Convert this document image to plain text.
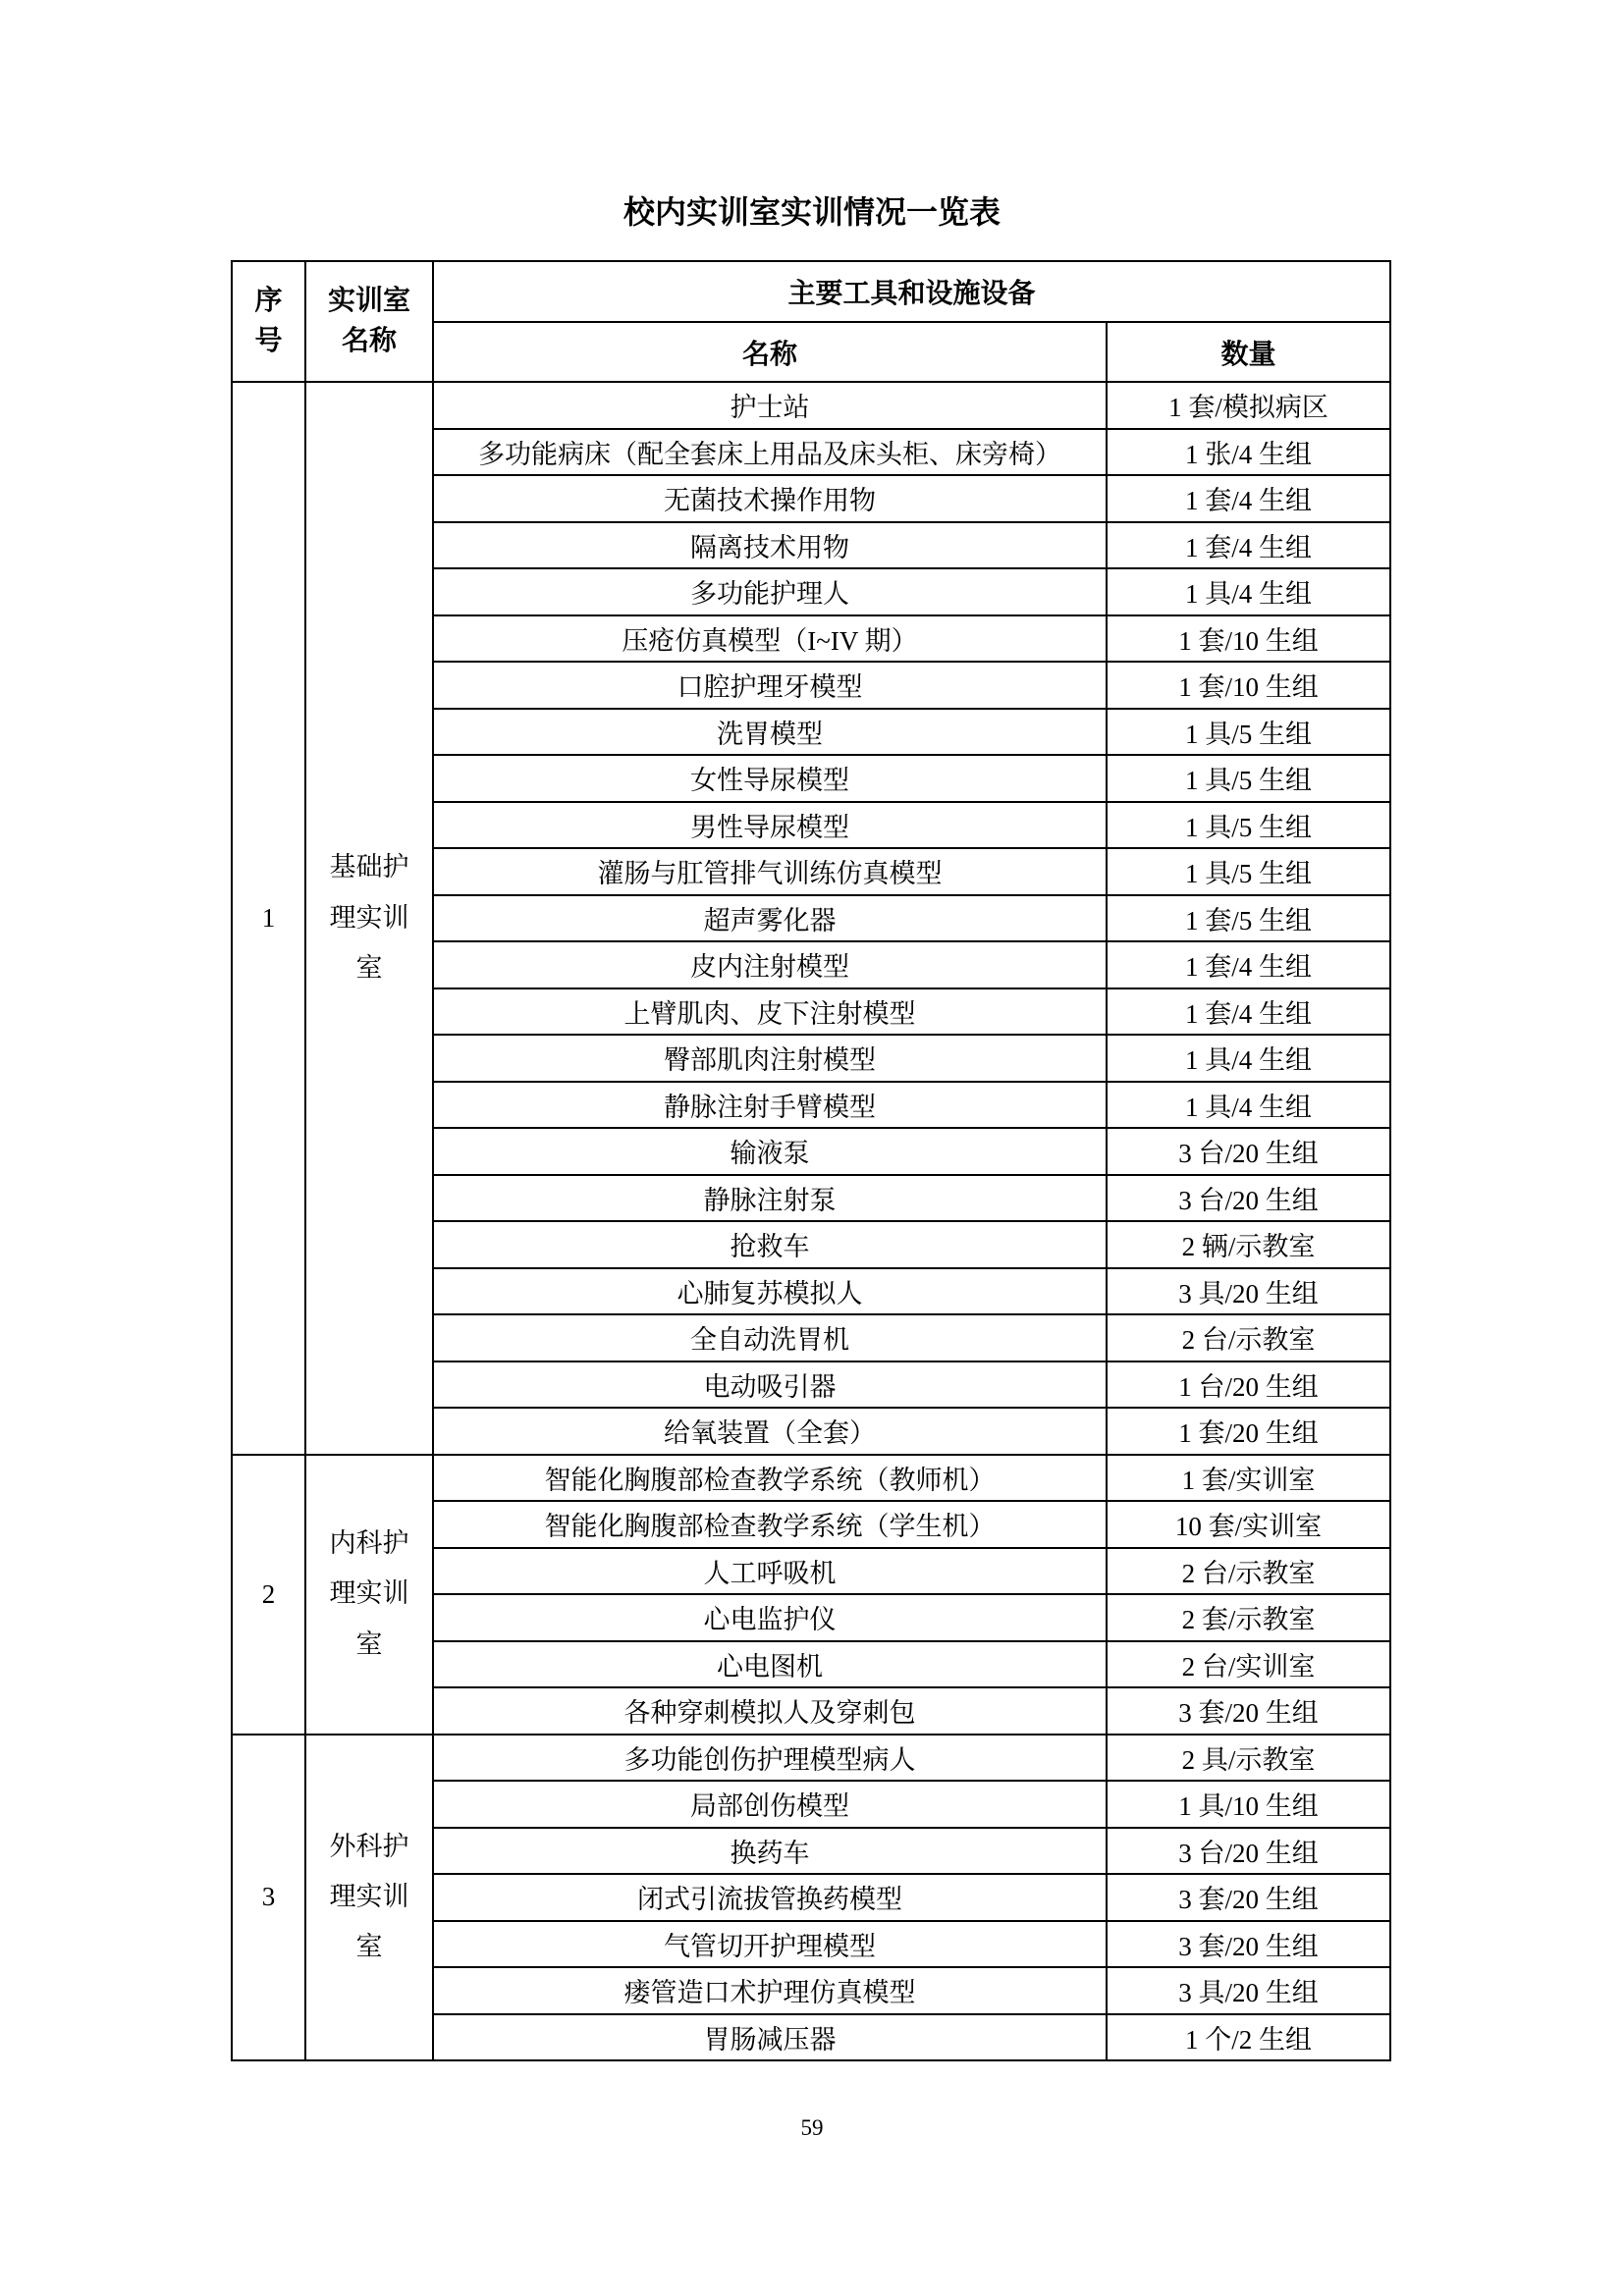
校内实训室实训情况一览表
序号	实训室名称	主要工具和设施设备	
		名称	数量
1	基础护理实训室	护士站	1 套/模拟病区
		多功能病床（配全套床上用品及床头柜、床旁椅）	1 张/4 生组
		无菌技术操作用物	1 套/4 生组
		隔离技术用物	1 套/4 生组
		多功能护理人	1 具/4 生组
		压疮仿真模型（I~IV 期）	1 套/10 生组
		口腔护理牙模型	1 套/10 生组
		洗胃模型	1 具/5 生组
		女性导尿模型	1 具/5 生组
		男性导尿模型	1 具/5 生组
		灌肠与肛管排气训练仿真模型	1 具/5 生组
		超声雾化器	1 套/5 生组
		皮内注射模型	1 套/4 生组
		上臂肌肉、皮下注射模型	1 套/4 生组
		臀部肌肉注射模型	1 具/4 生组
		静脉注射手臂模型	1 具/4 生组
		输液泵	3 台/20 生组
		静脉注射泵	3 台/20 生组
		抢救车	2 辆/示教室
		心肺复苏模拟人	3 具/20 生组
		全自动洗胃机	2 台/示教室
		电动吸引器	1 台/20 生组
		给氧装置（全套）	1 套/20 生组
2	内科护理实训室	智能化胸腹部检查教学系统（教师机）	1 套/实训室
		智能化胸腹部检查教学系统（学生机）	10 套/实训室
		人工呼吸机	2 台/示教室
		心电监护仪	2 套/示教室
		心电图机	2 台/实训室
		各种穿刺模拟人及穿刺包	3 套/20 生组
3	外科护理实训室	多功能创伤护理模型病人	2 具/示教室
		局部创伤模型	1 具/10 生组
		换药车	3 台/20 生组
		闭式引流拔管换药模型	3 套/20 生组
		气管切开护理模型	3 套/20 生组
		瘘管造口术护理仿真模型	3 具/20 生组
		胃肠减压器	1 个/2 生组
59
